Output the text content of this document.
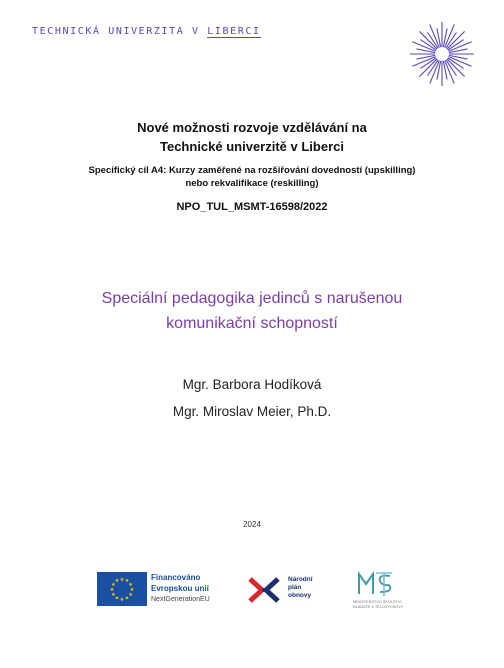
TECHNICKÁ UNIVERZITA V LIBERCI
Nové možnosti rozvoje vzdělávání na
Technické univerzitě v Liberci
Specifický cíl A4: Kurzy zaměřené na rozšiřování dovedností (upskilling)
nebo rekvalifikace (reskilling)
NPO_TUL_MSMT-16598/2022
Speciální pedagogika jedinců s narušenou
komunikační schopností
Mgr. Barbora Hodíková
Mgr. Miroslav Meier, Ph.D.
2024
★ ★
★
★
★
★
★
★
★
★
★
★	Financováno
Evropskou unií
NextGenerationEU
Národní
plán
obnovy
MINISTERSTVO ŠKOLSTVÍ,
MLÁDEŽE A TĚLOVÝCHOVY
